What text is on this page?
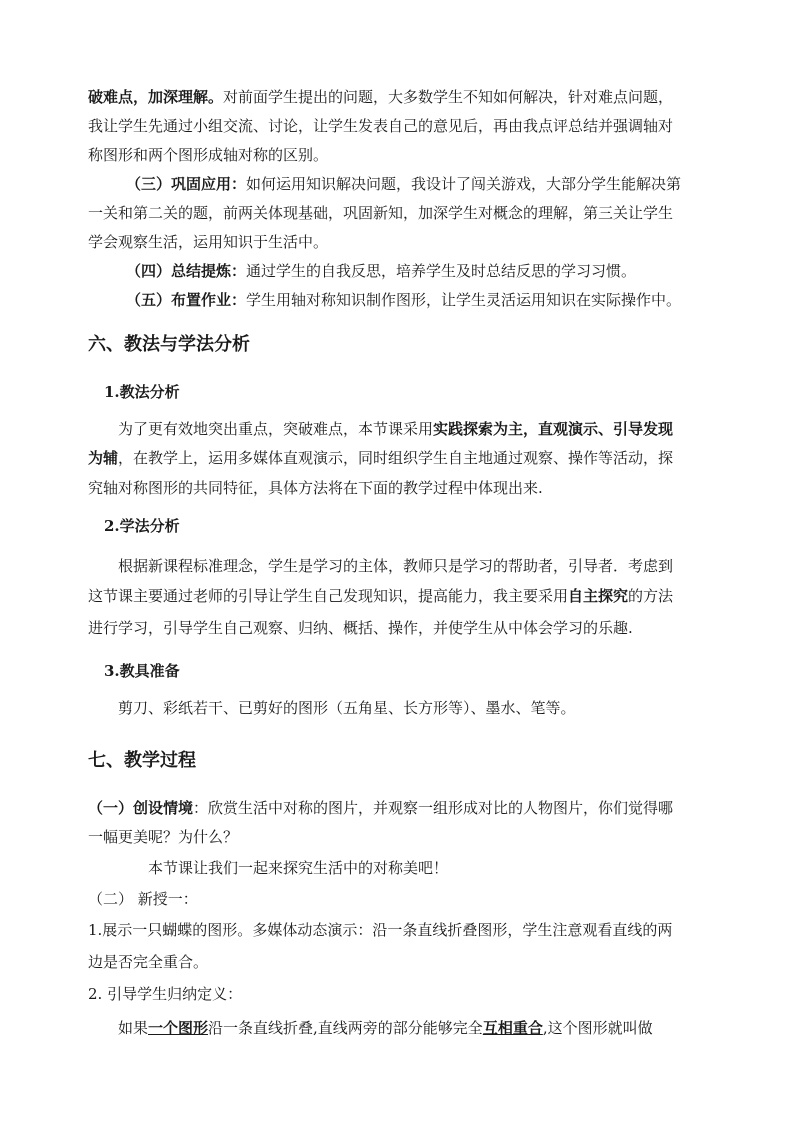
破难点，加深理解。对前面学生提出的问题，大多数学生不知如何解决，针对难点问题，
我让学生先通过小组交流、讨论，让学生发表自己的意见后，再由我点评总结并强调轴对
称图形和两个图形成轴对称的区别。
（三）巩固应用：如何运用知识解决问题，我设计了闯关游戏，大部分学生能解决第
一关和第二关的题，前两关体现基础，巩固新知，加深学生对概念的理解，第三关让学生
学会观察生活，运用知识于生活中。
（四）总结提炼：通过学生的自我反思，培养学生及时总结反思的学习习惯。
（五）布置作业：学生用轴对称知识制作图形，让学生灵活运用知识在实际操作中。
六、教法与学法分析
1.教法分析
为了更有效地突出重点，突破难点，本节课采用实践探索为主，直观演示、引导发现
为辅，在教学上，运用多媒体直观演示，同时组织学生自主地通过观察、操作等活动，探
究轴对称图形的共同特征，具体方法将在下面的教学过程中体现出来.
2.学法分析
根据新课程标准理念，学生是学习的主体，教师只是学习的帮助者，引导者．考虑到
这节课主要通过老师的引导让学生自己发现知识，提高能力，我主要采用自主探究的方法
进行学习，引导学生自己观察、归纳、概括、操作，并使学生从中体会学习的乐趣.
3.教具准备
剪刀、彩纸若干、已剪好的图形（五角星、长方形等）、墨水、笔等。
七、教学过程
（一）创设情境：欣赏生活中对称的图片，并观察一组形成对比的人物图片，你们觉得哪
一幅更美呢？为什么？
本节课让我们一起来探究生活中的对称美吧！
（二） 新授一：
1.展示一只蝴蝶的图形。多媒体动态演示：沿一条直线折叠图形，学生注意观看直线的两
边是否完全重合。
2. 引导学生归纳定义：
如果一个图形沿一条直线折叠,直线两旁的部分能够完全互相重合,这个图形就叫做
